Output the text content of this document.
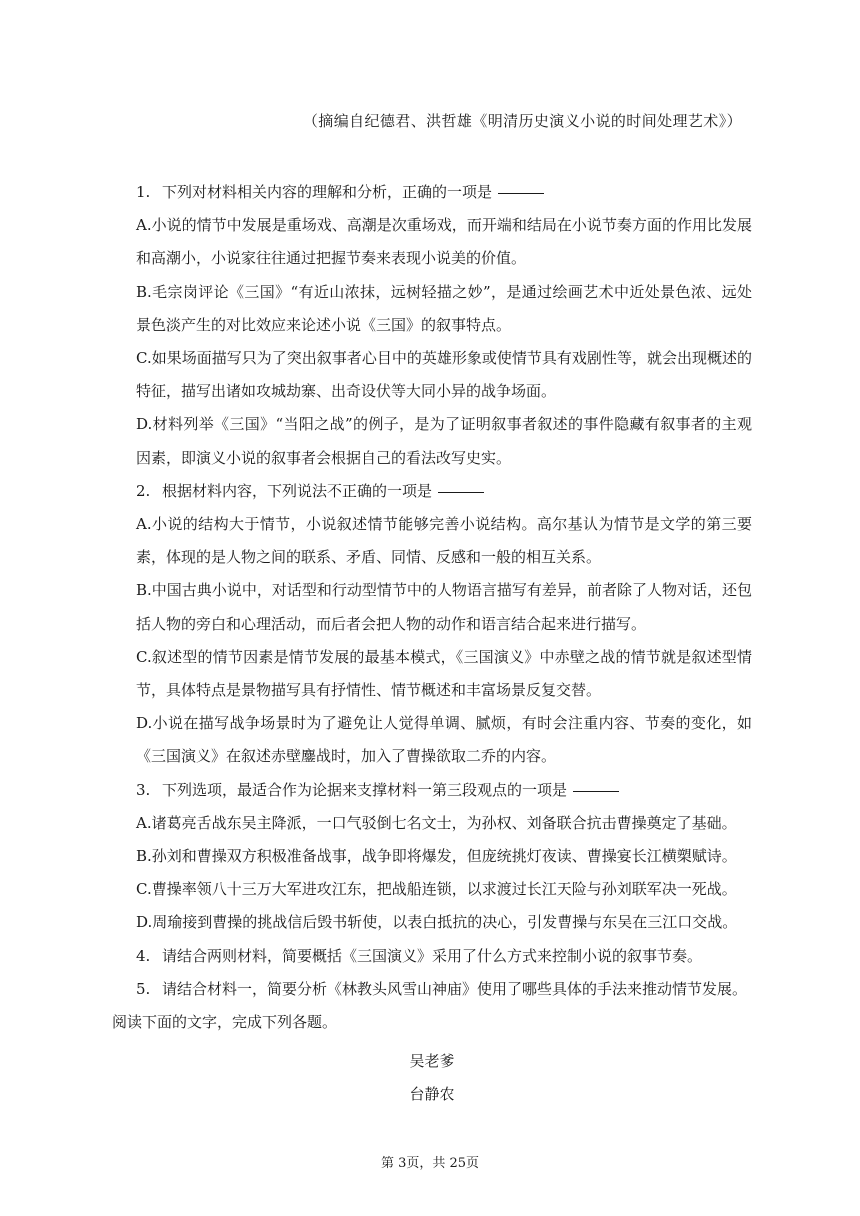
（摘编自纪德君、洪哲雄《明清历史演义小说的时间处理艺术》）
1. 下列对材料相关内容的理解和分析，正确的一项是
A.小说的情节中发展是重场戏、高潮是次重场戏，而开端和结局在小说节奏方面的作用比发展和高潮小，小说家往往通过把握节奏来表现小说美的价值。
B.毛宗岗评论《三国》“有近山浓抹，远树轻描之妙”，是通过绘画艺术中近处景色浓、远处景色淡产生的对比效应来论述小说《三国》的叙事特点。
C.如果场面描写只为了突出叙事者心目中的英雄形象或使情节具有戏剧性等，就会出现概述的特征，描写出诸如攻城劫寨、出奇设伏等大同小异的战争场面。
D.材料列举《三国》“当阳之战”的例子，是为了证明叙事者叙述的事件隐藏有叙事者的主观因素，即演义小说的叙事者会根据自己的看法改写史实。
2. 根据材料内容，下列说法不正确的一项是
A.小说的结构大于情节，小说叙述情节能够完善小说结构。高尔基认为情节是文学的第三要素，体现的是人物之间的联系、矛盾、同情、反感和一般的相互关系。
B.中国古典小说中，对话型和行动型情节中的人物语言描写有差异，前者除了人物对话，还包括人物的旁白和心理活动，而后者会把人物的动作和语言结合起来进行描写。
C.叙述型的情节因素是情节发展的最基本模式，《三国演义》中赤壁之战的情节就是叙述型情节，具体特点是景物描写具有抒情性、情节概述和丰富场景反复交替。
D.小说在描写战争场景时为了避免让人觉得单调、腻烦，有时会注重内容、节奏的变化，如《三国演义》在叙述赤壁鏖战时，加入了曹操欲取二乔的内容。
3. 下列选项，最适合作为论据来支撑材料一第三段观点的一项是
A.诸葛亮舌战东吴主降派，一口气驳倒七名文士，为孙权、刘备联合抗击曹操奠定了基础。
B.孙刘和曹操双方积极准备战事，战争即将爆发，但庞统挑灯夜读、曹操宴长江横槊赋诗。
C.曹操率领八十三万大军进攻江东，把战船连锁，以求渡过长江天险与孙刘联军决一死战。
D.周瑜接到曹操的挑战信后毁书斩使，以表白抵抗的决心，引发曹操与东吴在三江口交战。
4. 请结合两则材料，简要概括《三国演义》采用了什么方式来控制小说的叙事节奏。
5. 请结合材料一，简要分析《林教头风雪山神庙》使用了哪些具体的手法来推动情节发展。
阅读下面的文字，完成下列各题。
吴老爹
台静农
第 3页，共 25页
